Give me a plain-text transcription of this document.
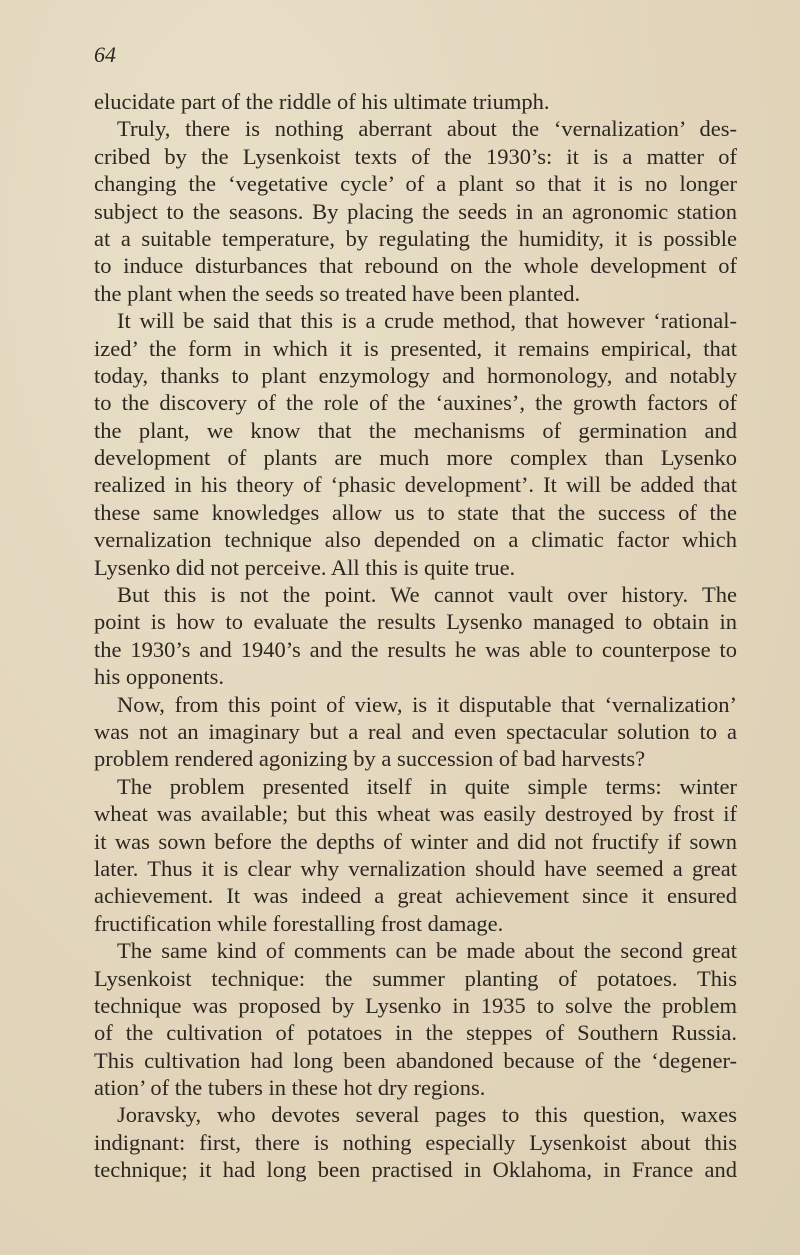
64
elucidate part of the riddle of his ultimate triumph.
Truly, there is nothing aberrant about the ‘vernalization’ des-
cribed by the Lysenkoist texts of the 1930’s: it is a matter of
changing the ‘vegetative cycle’ of a plant so that it is no longer
subject to the seasons. By placing the seeds in an agronomic station
at a suitable temperature, by regulating the humidity, it is possible
to induce disturbances that rebound on the whole development of
the plant when the seeds so treated have been planted.
It will be said that this is a crude method, that however ‘rational-
ized’ the form in which it is presented, it remains empirical, that
today, thanks to plant enzymology and hormonology, and notably
to the discovery of the role of the ‘auxines’, the growth factors of
the plant, we know that the mechanisms of germination and
development of plants are much more complex than Lysenko
realized in his theory of ‘phasic development’. It will be added that
these same knowledges allow us to state that the success of the
vernalization technique also depended on a climatic factor which
Lysenko did not perceive. All this is quite true.
But this is not the point. We cannot vault over history. The
point is how to evaluate the results Lysenko managed to obtain in
the 1930’s and 1940’s and the results he was able to counterpose to
his opponents.
Now, from this point of view, is it disputable that ‘vernalization’
was not an imaginary but a real and even spectacular solution to a
problem rendered agonizing by a succession of bad harvests?
The problem presented itself in quite simple terms: winter
wheat was available; but this wheat was easily destroyed by frost if
it was sown before the depths of winter and did not fructify if sown
later. Thus it is clear why vernalization should have seemed a great
achievement. It was indeed a great achievement since it ensured
fructification while forestalling frost damage.
The same kind of comments can be made about the second great
Lysenkoist technique: the summer planting of potatoes. This
technique was proposed by Lysenko in 1935 to solve the problem
of the cultivation of potatoes in the steppes of Southern Russia.
This cultivation had long been abandoned because of the ‘degener-
ation’ of the tubers in these hot dry regions.
Joravsky, who devotes several pages to this question, waxes
indignant: first, there is nothing especially Lysenkoist about this
technique; it had long been practised in Oklahoma, in France and
